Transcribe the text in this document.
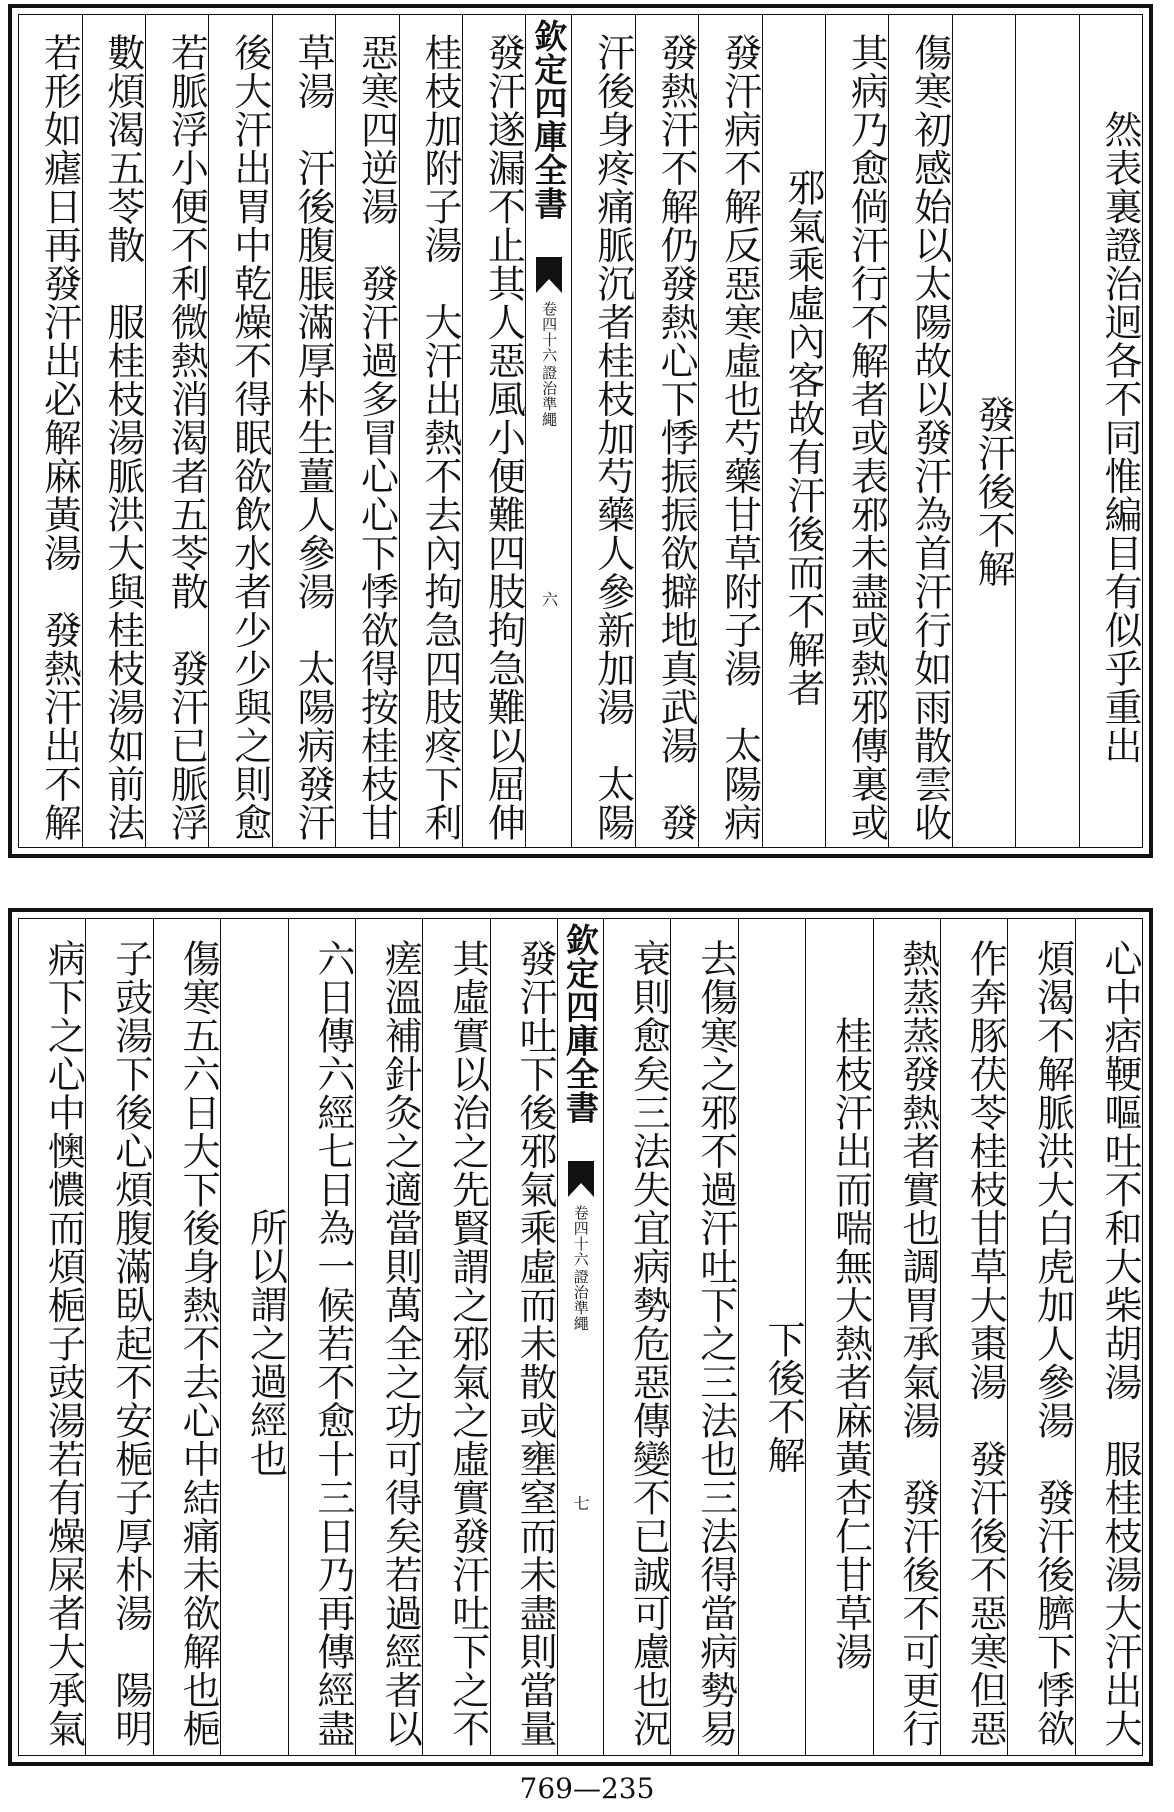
然表裏證治迥各不同惟編目有似乎重出
發汗後不解
傷寒初感始以太陽故以發汗為首汗行如雨散雲收
其病乃愈倘汗行不解者或表邪未盡或熱邪傳裏或
邪氣乘虛內客故有汗後而不解者
發汗病不解反惡寒虛也芍藥甘草附子湯　太陽病
發熱汗不解仍發熱心下悸振振欲擗地真武湯　發
汗後身疼痛脈沉者桂枝加芍藥人參新加湯　太陽
欽定四庫全書
卷四十六
證治準繩
六
發汗遂漏不止其人惡風小便難四肢拘急難以屈伸
桂枝加附子湯　大汗出熱不去內拘急四肢疼下利
惡寒四逆湯　發汗過多冒心心下悸欲得按桂枝甘
草湯　汗後腹脹滿厚朴生薑人參湯　太陽病發汗
後大汗出胃中乾燥不得眠欲飲水者少少與之則愈
若脈浮小便不利微熱消渴者五苓散　發汗已脈浮
數煩渴五苓散　服桂枝湯脈洪大與桂枝湯如前法
若形如瘧日再發汗出必解麻黃湯　發熱汗出不解
心中痞鞕嘔吐不和大柴胡湯　服桂枝湯大汗出大
煩渴不解脈洪大白虎加人參湯　發汗後臍下悸欲
作奔豚茯苓桂枝甘草大棗湯　發汗後不惡寒但惡
熱蒸蒸發熱者實也調胃承氣湯　發汗後不可更行
桂枝汗出而喘無大熱者麻黃杏仁甘草湯
下後不解
去傷寒之邪不過汗吐下之三法也三法得當病勢易
衰則愈矣三法失宜病勢危惡傳變不已誠可慮也況
欽定四庫全書
卷四十六
證治準繩
七
發汗吐下後邪氣乘虛而未散或壅窒而未盡則當量
其虛實以治之先賢謂之邪氣之虛實發汗吐下之不
瘥溫補針灸之適當則萬全之功可得矣若過經者以
六日傳六經七日為一候若不愈十三日乃再傳經盡
所以謂之過經也
傷寒五六日大下後身熱不去心中結痛未欲解也梔
子豉湯下後心煩腹滿臥起不安梔子厚朴湯　陽明
病下之心中懊憹而煩梔子豉湯若有燥屎者大承氣
769—235
